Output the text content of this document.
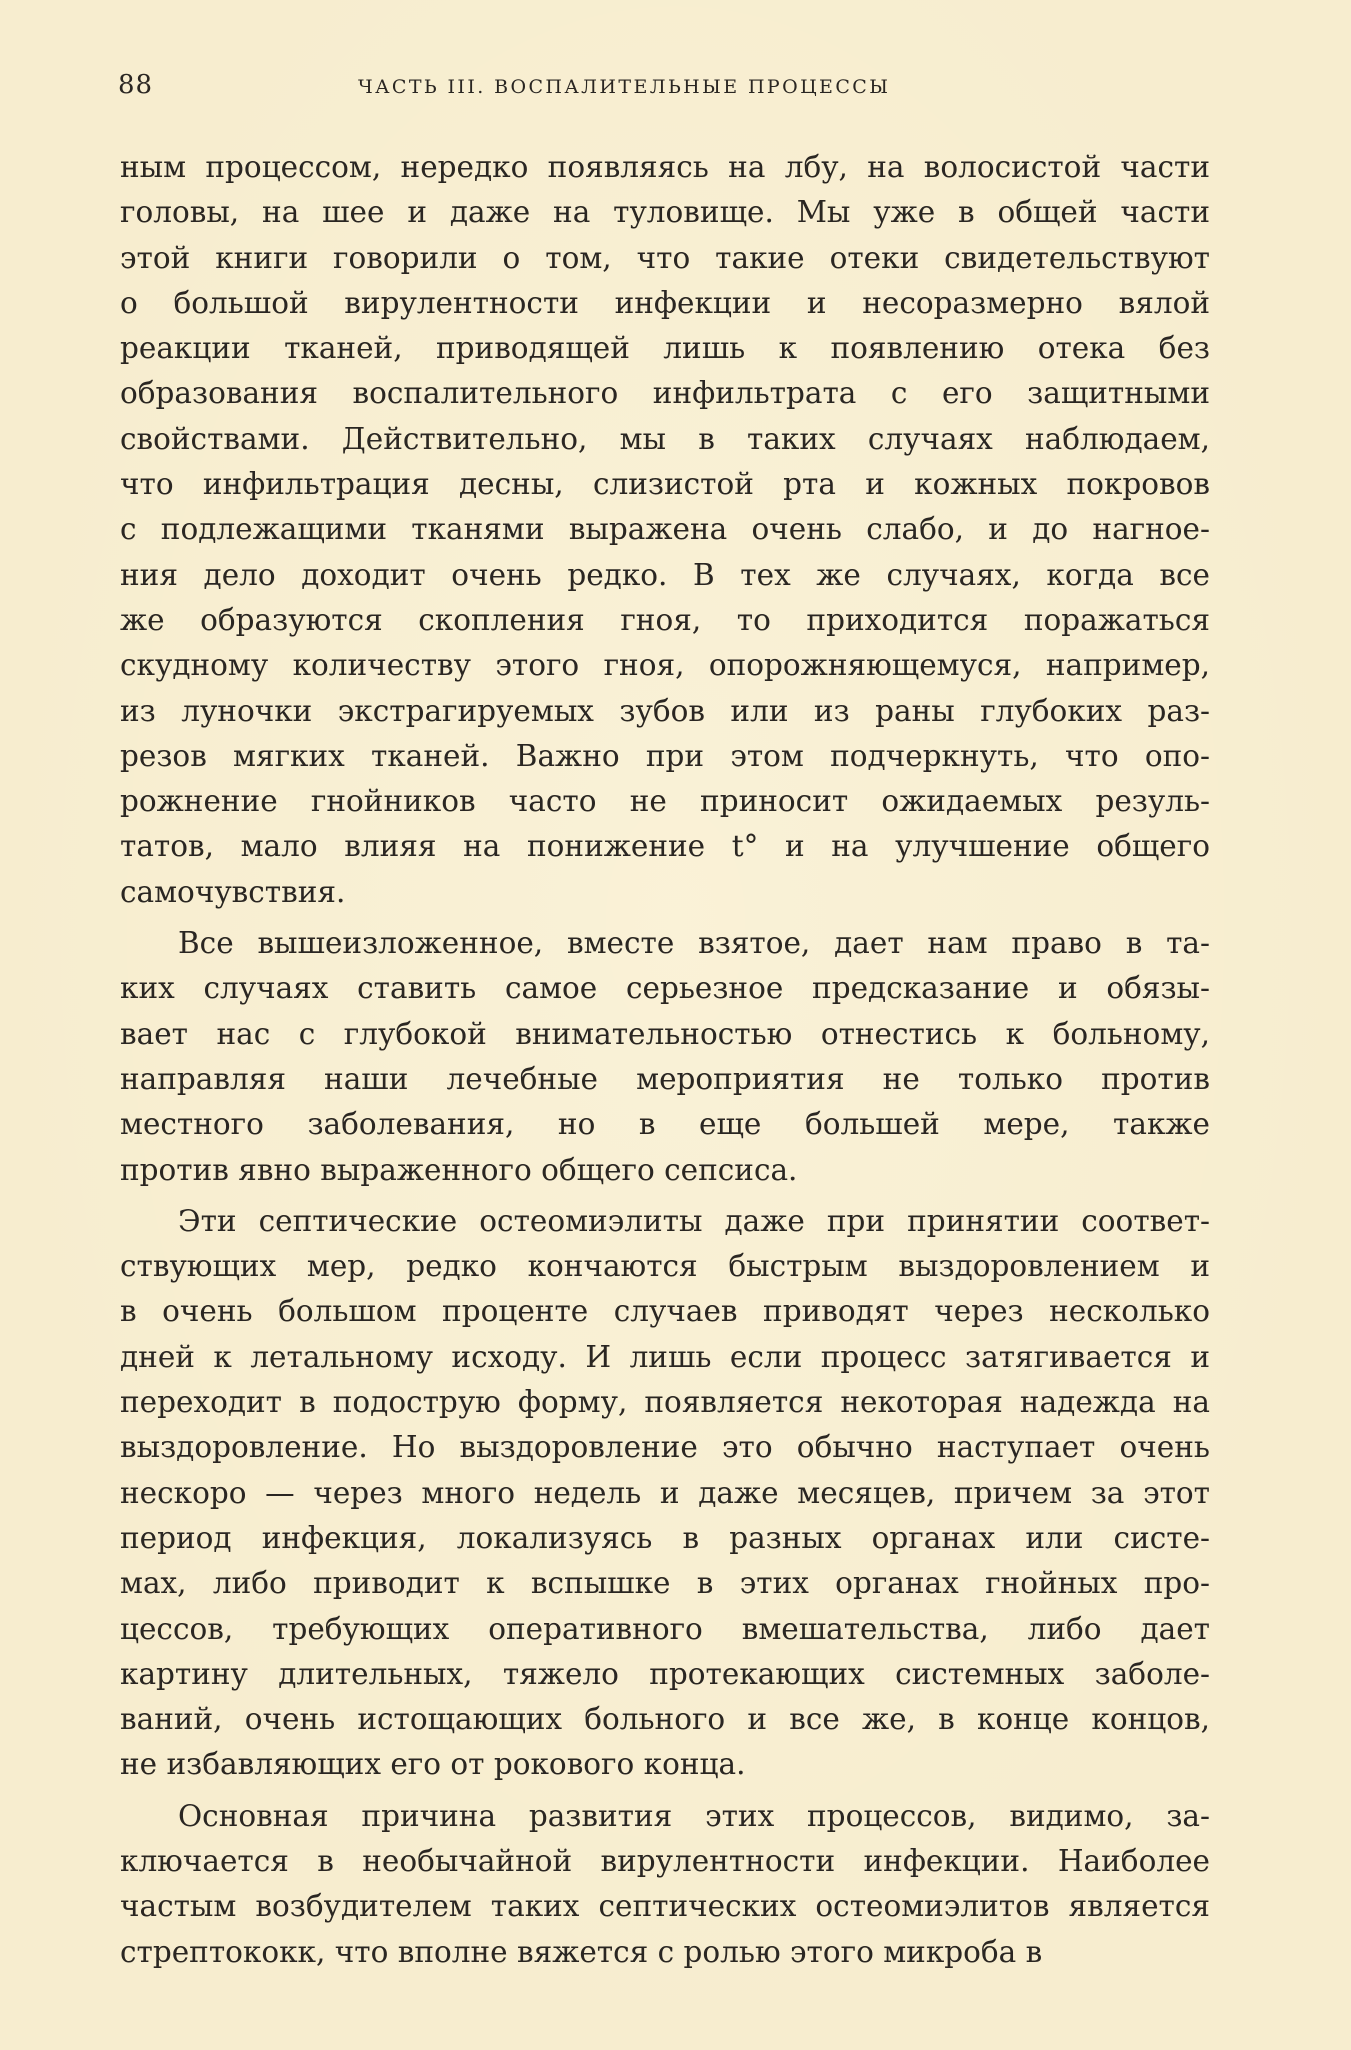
88	ЧАСТЬ III. ВОСПАЛИТЕЛЬНЫЕ ПРОЦЕССЫ
ным процессом, нередко появляясь на лбу, на волосистой части
головы, на шее и даже на туловище. Мы уже в общей части
этой книги говорили о том, что такие отеки свидетельствуют
о большой вирулентности инфекции и несоразмерно вялой
реакции тканей, приводящей лишь к появлению отека без
образования воспалительного инфильтрата с его защитными
свойствами. Действительно, мы в таких случаях наблюдаем,
что инфильтрация десны, слизистой рта и кожных покровов
с подлежащими тканями выражена очень слабо, и до нагное-
ния дело доходит очень редко. В тех же случаях, когда все
же образуются скопления гноя, то приходится поражаться
скудному количеству этого гноя, опорожняющемуся, например,
из луночки экстрагируемых зубов или из раны глубоких раз-
резов мягких тканей. Важно при этом подчеркнуть, что опо-
рожнение гнойников часто не приносит ожидаемых резуль-
татов, мало влияя на понижение t° и на улучшение общего
самочувствия.
Все вышеизложенное, вместе взятое, дает нам право в та-
ких случаях ставить самое серьезное предсказание и обязы-
вает нас с глубокой внимательностью отнестись к больному,
направляя наши лечебные мероприятия не только против
местного заболевания, но в еще большей мере, также
против явно выраженного общего сепсиса.
Эти септические остеомиэлиты даже при принятии соответ-
ствующих мер, редко кончаются быстрым выздоровлением и
в очень большом проценте случаев приводят через несколько
дней к летальному исходу. И лишь если процесс затягивается и
переходит в подострую форму, появляется некоторая надежда на
выздоровление. Но выздоровление это обычно наступает очень
нескоро — через много недель и даже месяцев, причем за этот
период инфекция, локализуясь в разных органах или систе-
мах, либо приводит к вспышке в этих органах гнойных про-
цессов, требующих оперативного вмешательства, либо дает
картину длительных, тяжело протекающих системных заболе-
ваний, очень истощающих больного и все же, в конце концов,
не избавляющих его от рокового конца.
Основная причина развития этих процессов, видимо, за-
ключается в необычайной вирулентности инфекции. Наиболее
частым возбудителем таких септических остеомиэлитов является
стрептококк, что вполне вяжется с ролью этого микроба в
